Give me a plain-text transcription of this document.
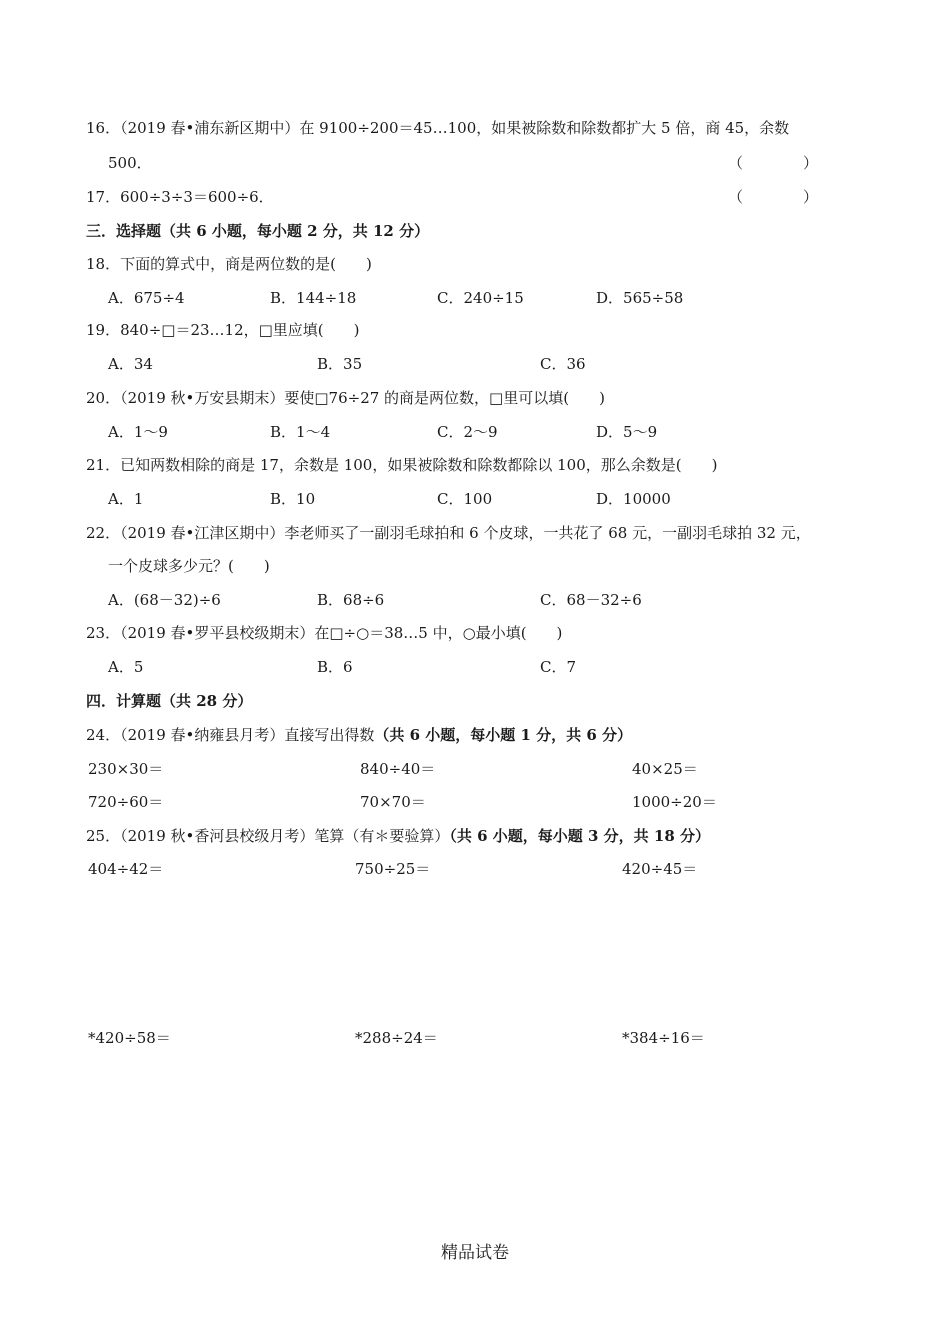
16．（2019 春•浦东新区期中）在 9100÷200＝45…100，如果被除数和除数都扩大 5 倍，商 45，余数
500．	（　　　　）
17．600÷3÷3＝600÷6．	（　　　　）
三．选择题（共 6 小题，每小题 2 分，共 12 分）
18．下面的算式中，商是两位数的是(　　)
A．675÷4	B．144÷18	C．240÷15	D．565÷58
19．840÷□＝23…12，□里应填(　　)
A．34	B．35	C．36
20．（2019 秋•万安县期末）要使□76÷27 的商是两位数，□里可以填(　　)
A．1～9	B．1～4	C．2～9	D．5～9
21．已知两数相除的商是 17，余数是 100，如果被除数和除数都除以 100，那么余数是(　　)
A．1	B．10	C．100	D．10000
22．（2019 春•江津区期中）李老师买了一副羽毛球拍和 6 个皮球，一共花了 68 元，一副羽毛球拍 32 元，
一个皮球多少元？(　　)
A．(68－32)÷6	B．68÷6	C．68－32÷6
23．（2019 春•罗平县校级期末）在□÷○＝38…5 中，○最小填(　　)
A．5	B．6	C．7
四．计算题（共 28 分）
24．（2019 春•纳雍县月考）直接写出得数（共 6 小题，每小题 1 分，共 6 分）
230×30＝	840÷40＝	40×25＝
720÷60＝	70×70＝	1000÷20＝
25．（2019 秋•香河县校级月考）笔算（有＊要验算）（共 6 小题，每小题 3 分，共 18 分）
404÷42＝	750÷25＝	420÷45＝
*420÷58＝	*288÷24＝	*384÷16＝
精品试卷
